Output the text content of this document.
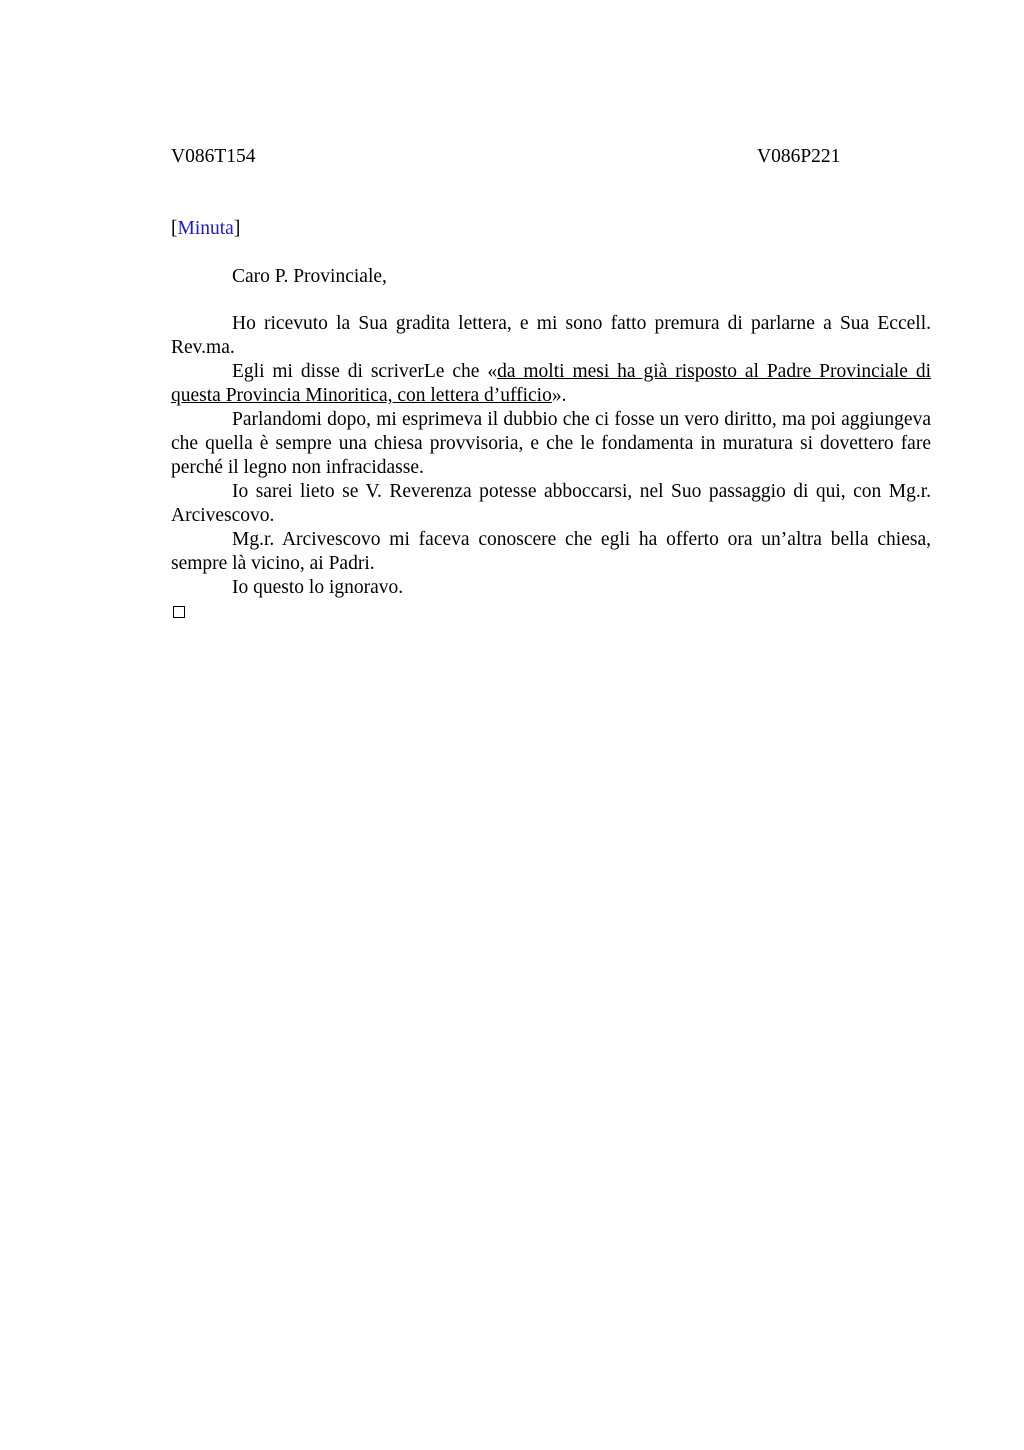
V086T154	V086P221
[Minuta]
Caro P. Provinciale,

Ho ricevuto la Sua gradita lettera, e mi sono fatto premura di parlarne a Sua Eccell. Rev.ma.

Egli mi disse di scriverLe che «da molti mesi ha già risposto al Padre Provinciale di questa Provincia Minoritica, con lettera d’ufficio».

Parlandomi dopo, mi esprimeva il dubbio che ci fosse un vero diritto, ma poi aggiungeva che quella è sempre una chiesa provvisoria, e che le fondamenta in muratura si dovettero fare perché il legno non infracidasse.

Io sarei lieto se V. Reverenza potesse abboccarsi, nel Suo passaggio di qui, con Mg.r. Arcivescovo.

Mg.r. Arcivescovo mi faceva conoscere che egli ha offerto ora un’altra bella chiesa, sempre là vicino, ai Padri.

Io questo lo ignoravo.
